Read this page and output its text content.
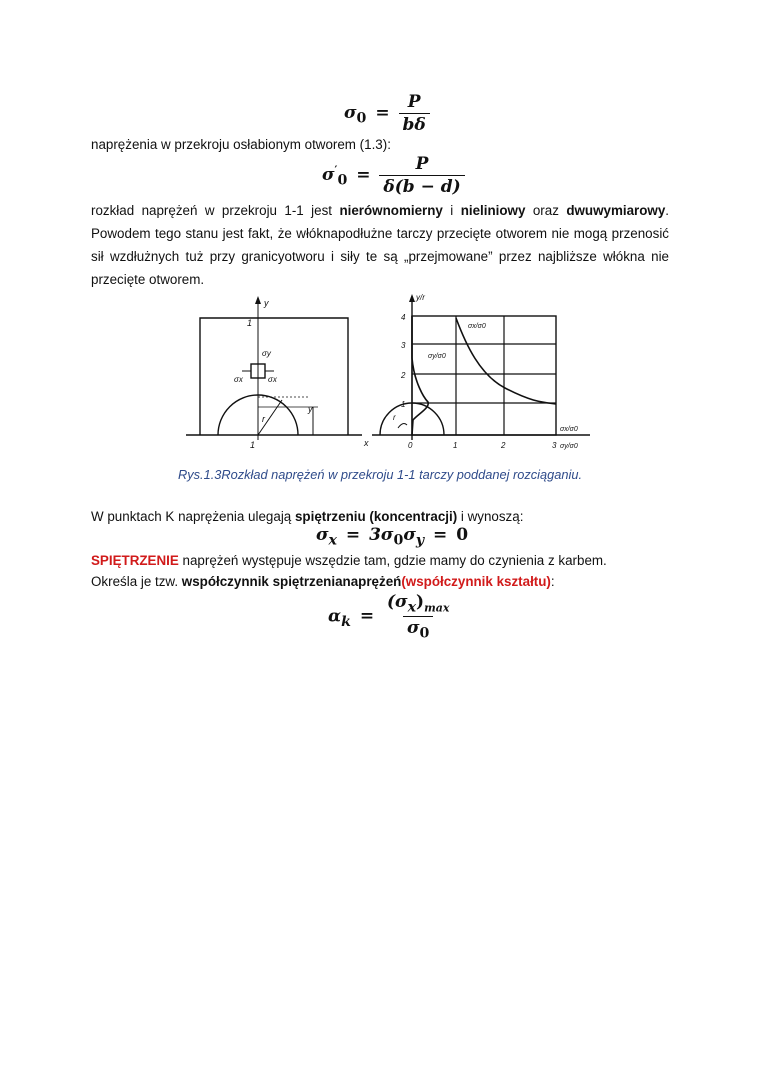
$\sigma_0 = \frac{P}{b\delta}$
naprężenia w przekroju osłabionym otworem (1.3):
$\sigma'_0 = \frac{P}{\delta(b - d)}$
rozkład naprężeń w przekroju 1-1 jest nierównomierny i nieliniowy oraz dwuwymiarowy. Powodem tego stanu jest fakt, że włóknapodłużne tarczy przecięte otworem nie mogą przenosić sił wzdłużnych tuż przy granicyotworu i siły te są „przejmowane” przez najbliższe włókna nie przecięte otworem.
y
x
1
1
σy
σx	σx
r
y
y/r
1
2
3
4
0	1	2	3
σx/σ0
σy/σ0
σx/σ0
σy/σ0
r
Rys.1.3Rozkład naprężeń w przekroju 1-1 tarczy poddanej rozciąganiu.
W punktach K naprężenia ulegają spiętrzeniu (koncentracji) i wynoszą:
$\sigma_x = 3\sigma_0\sigma_y = 0$
SPIĘTRZENIE naprężeń występuje wszędzie tam, gdzie mamy do czynienia z karbem.
Określa je tzw. współczynnik spiętrzenianaprężeń(współczynnik kształtu):
$\alpha_k = \frac{(\sigma_x)_{max}}{\sigma_0}$
